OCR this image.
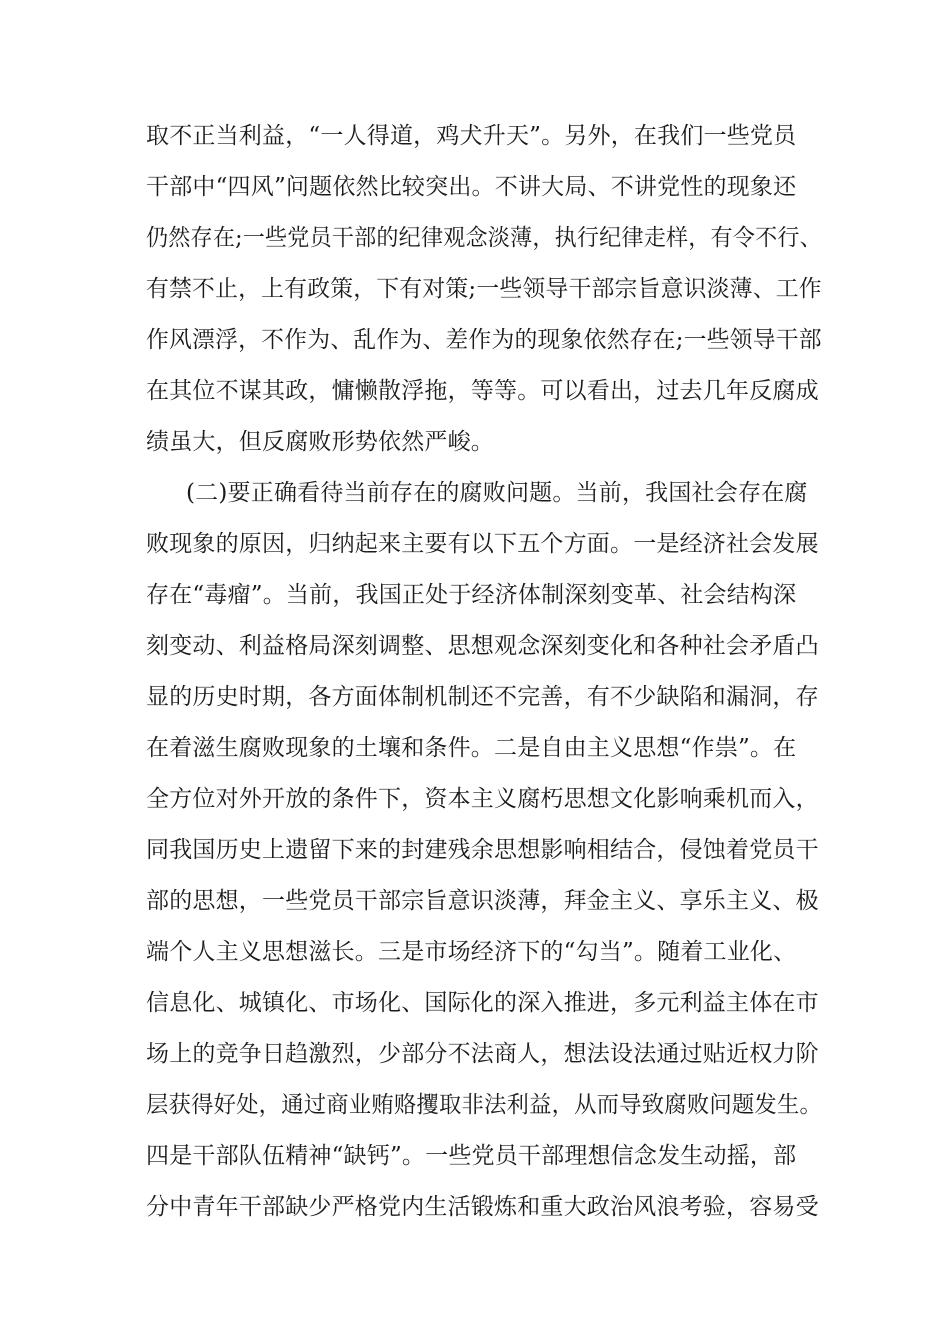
取不正当利益，“一人得道，鸡犬升天”。另外，在我们一些党员

干部中“四风”问题依然比较突出。不讲大局、不讲党性的现象还

仍然存在;一些党员干部的纪律观念淡薄，执行纪律走样，有令不行、

有禁不止，上有政策，下有对策;一些领导干部宗旨意识淡薄、工作

作风漂浮，不作为、乱作为、差作为的现象依然存在;一些领导干部

在其位不谋其政，慵懒散浮拖，等等。可以看出，过去几年反腐成

绩虽大，但反腐败形势依然严峻。

(二)要正确看待当前存在的腐败问题。当前，我国社会存在腐

败现象的原因，归纳起来主要有以下五个方面。一是经济社会发展

存在“毒瘤”。当前，我国正处于经济体制深刻变革、社会结构深

刻变动、利益格局深刻调整、思想观念深刻变化和各种社会矛盾凸

显的历史时期，各方面体制机制还不完善，有不少缺陷和漏洞，存

在着滋生腐败现象的土壤和条件。二是自由主义思想“作祟”。在

全方位对外开放的条件下，资本主义腐朽思想文化影响乘机而入，

同我国历史上遗留下来的封建残余思想影响相结合，侵蚀着党员干

部的思想，一些党员干部宗旨意识淡薄，拜金主义、享乐主义、极

端个人主义思想滋长。三是市场经济下的“勾当”。随着工业化、

信息化、城镇化、市场化、国际化的深入推进，多元利益主体在市

场上的竞争日趋激烈，少部分不法商人，想法设法通过贴近权力阶

层获得好处，通过商业贿赂攫取非法利益，从而导致腐败问题发生。

四是干部队伍精神“缺钙”。一些党员干部理想信念发生动摇，部

分中青年干部缺少严格党内生活锻炼和重大政治风浪考验，容易受
